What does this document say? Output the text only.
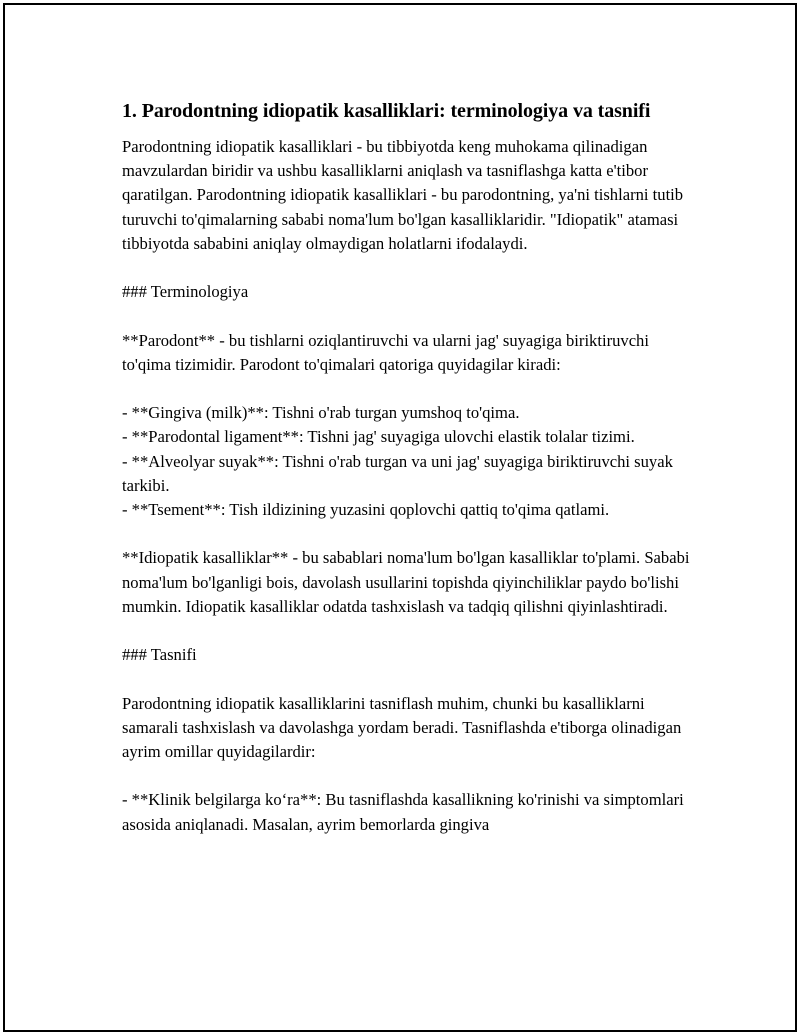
1. Parodontning idiopatik kasalliklari: terminologiya va tasnifi

Parodontning idiopatik kasalliklari - bu tibbiyotda keng muhokama qilinadigan mavzulardan biridir va ushbu kasalliklarni aniqlash va tasniflashga katta e'tibor qaratilgan. Parodontning idiopatik kasalliklari - bu parodontning, ya'ni tishlarni tutib turuvchi to'qimalarning sababi noma'lum bo'lgan kasalliklaridir. "Idiopatik" atamasi tibbiyotda sababini aniqlay olmaydigan holatlarni ifodalaydi.

### Terminologiya

**Parodont** - bu tishlarni oziqlantiruvchi va ularni jag' suyagiga biriktiruvchi to'qima tizimidir. Parodont to'qimalari qatoriga quyidagilar kiradi:

- **Gingiva (milk)**: Tishni o'rab turgan yumshoq to'qima.

- **Parodontal ligament**: Tishni jag' suyagiga ulovchi elastik tolalar tizimi.

- **Alveolyar suyak**: Tishni o'rab turgan va uni jag' suyagiga biriktiruvchi suyak tarkibi.

- **Tsement**: Tish ildizining yuzasini qoplovchi qattiq to'qima qatlami.

**Idiopatik kasalliklar** - bu sabablari noma'lum bo'lgan kasalliklar to'plami. Sababi noma'lum bo'lganligi bois, davolash usullarini topishda qiyinchiliklar paydo bo'lishi mumkin. Idiopatik kasalliklar odatda tashxislash va tadqiq qilishni qiyinlashtiradi.

### Tasnifi

Parodontning idiopatik kasalliklarini tasniflash muhim, chunki bu kasalliklarni samarali tashxislash va davolashga yordam beradi. Tasniflashda e'tiborga olinadigan ayrim omillar quyidagilardir:

- **Klinik belgilarga ko‘ra**: Bu tasniflashda kasallikning ko'rinishi va simptomlari asosida aniqlanadi. Masalan, ayrim bemorlarda gingiva
